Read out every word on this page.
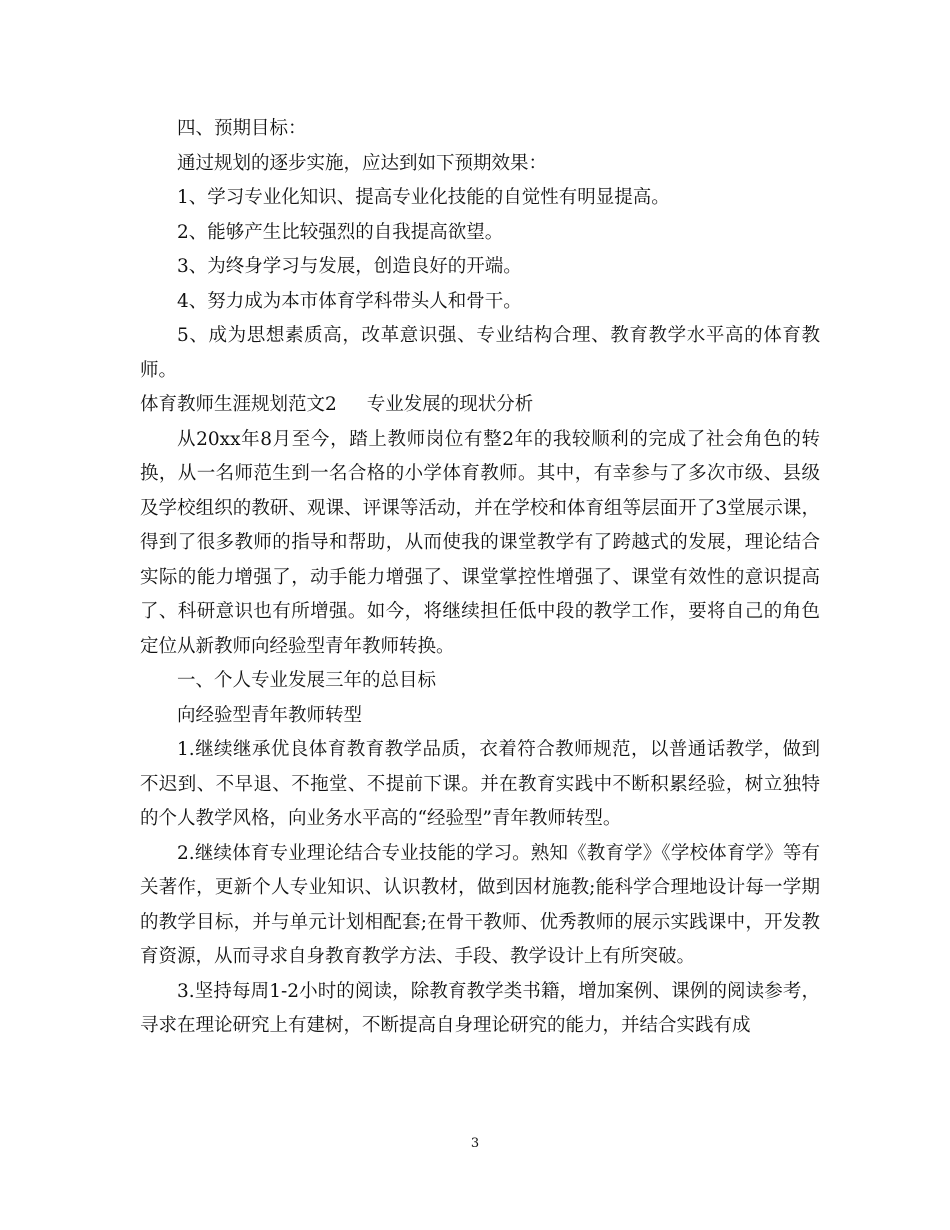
四、预期目标：

通过规划的逐步实施，应达到如下预期效果：

1、学习专业化知识、提高专业化技能的自觉性有明显提高。

2、能够产生比较强烈的自我提高欲望。

3、为终身学习与发展，创造良好的开端。

4、努力成为本市体育学科带头人和骨干。

5、成为思想素质高，改革意识强、专业结构合理、教育教学水平高的体育教师。

体育教师生涯规划范文2 专业发展的现状分析

从20xx年8月至今，踏上教师岗位有整2年的我较顺利的完成了社会角色的转换，从一名师范生到一名合格的小学体育教师。其中，有幸参与了多次市级、县级及学校组织的教研、观课、评课等活动，并在学校和体育组等层面开了3堂展示课，得到了很多教师的指导和帮助，从而使我的课堂教学有了跨越式的发展，理论结合实际的能力增强了，动手能力增强了、课堂掌控性增强了、课堂有效性的意识提高了、科研意识也有所增强。如今，将继续担任低中段的教学工作，要将自己的角色定位从新教师向经验型青年教师转换。

一、个人专业发展三年的总目标

向经验型青年教师转型

1.继续继承优良体育教育教学品质，衣着符合教师规范，以普通话教学，做到不迟到、不早退、不拖堂、不提前下课。并在教育实践中不断积累经验，树立独特的个人教学风格，向业务水平高的“经验型”青年教师转型。

2.继续体育专业理论结合专业技能的学习。熟知《教育学》《学校体育学》等有关著作，更新个人专业知识、认识教材，做到因材施教;能科学合理地设计每一学期的教学目标，并与单元计划相配套;在骨干教师、优秀教师的展示实践课中，开发教育资源，从而寻求自身教育教学方法、手段、教学设计上有所突破。

3.坚持每周1-2小时的阅读，除教育教学类书籍，增加案例、课例的阅读参考，寻求在理论研究上有建树，不断提高自身理论研究的能力，并结合实践有成

3
